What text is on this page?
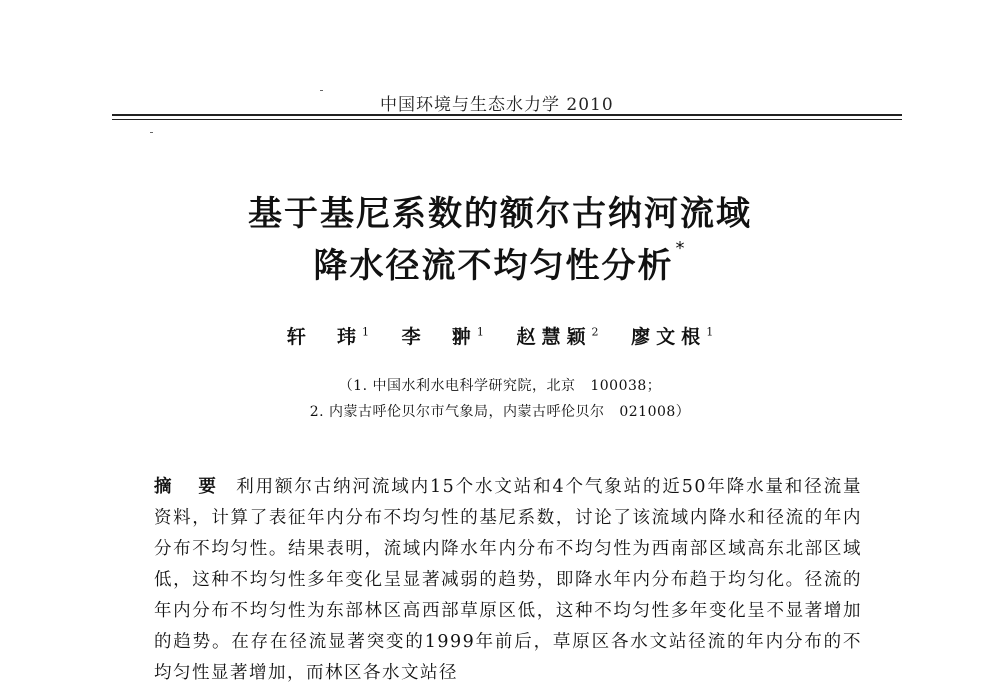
中国环境与生态水力学 2010
基于基尼系数的额尔古纳河流域
降水径流不均匀性分析 *
轩  玮$^1$ 李  翀$^1$ 赵慧颖$^2$ 廖文根$^1$
（1. 中国水利水电科学研究院，北京   100038；
2. 内蒙古呼伦贝尔市气象局，内蒙古呼伦贝尔   021008）
摘 要 利用额尔古纳河流域内15个水文站和4个气象站的近50年降水量和径流量资料，计算了表征年内分布不均匀性的基尼系数，讨论了该流域内降水和径流的年内分布不均匀性。结果表明，流域内降水年内分布不均匀性为西南部区域高东北部区域低，这种不均匀性多年变化呈显著减弱的趋势，即降水年内分布趋于均匀化。径流的年内分布不均匀性为东部林区高西部草原区低，这种不均匀性多年变化呈不显著增加的趋势。在存在径流显著突变的1999年前后，草原区各水文站径流的年内分布的不均匀性显著增加，而林区各水文站径
